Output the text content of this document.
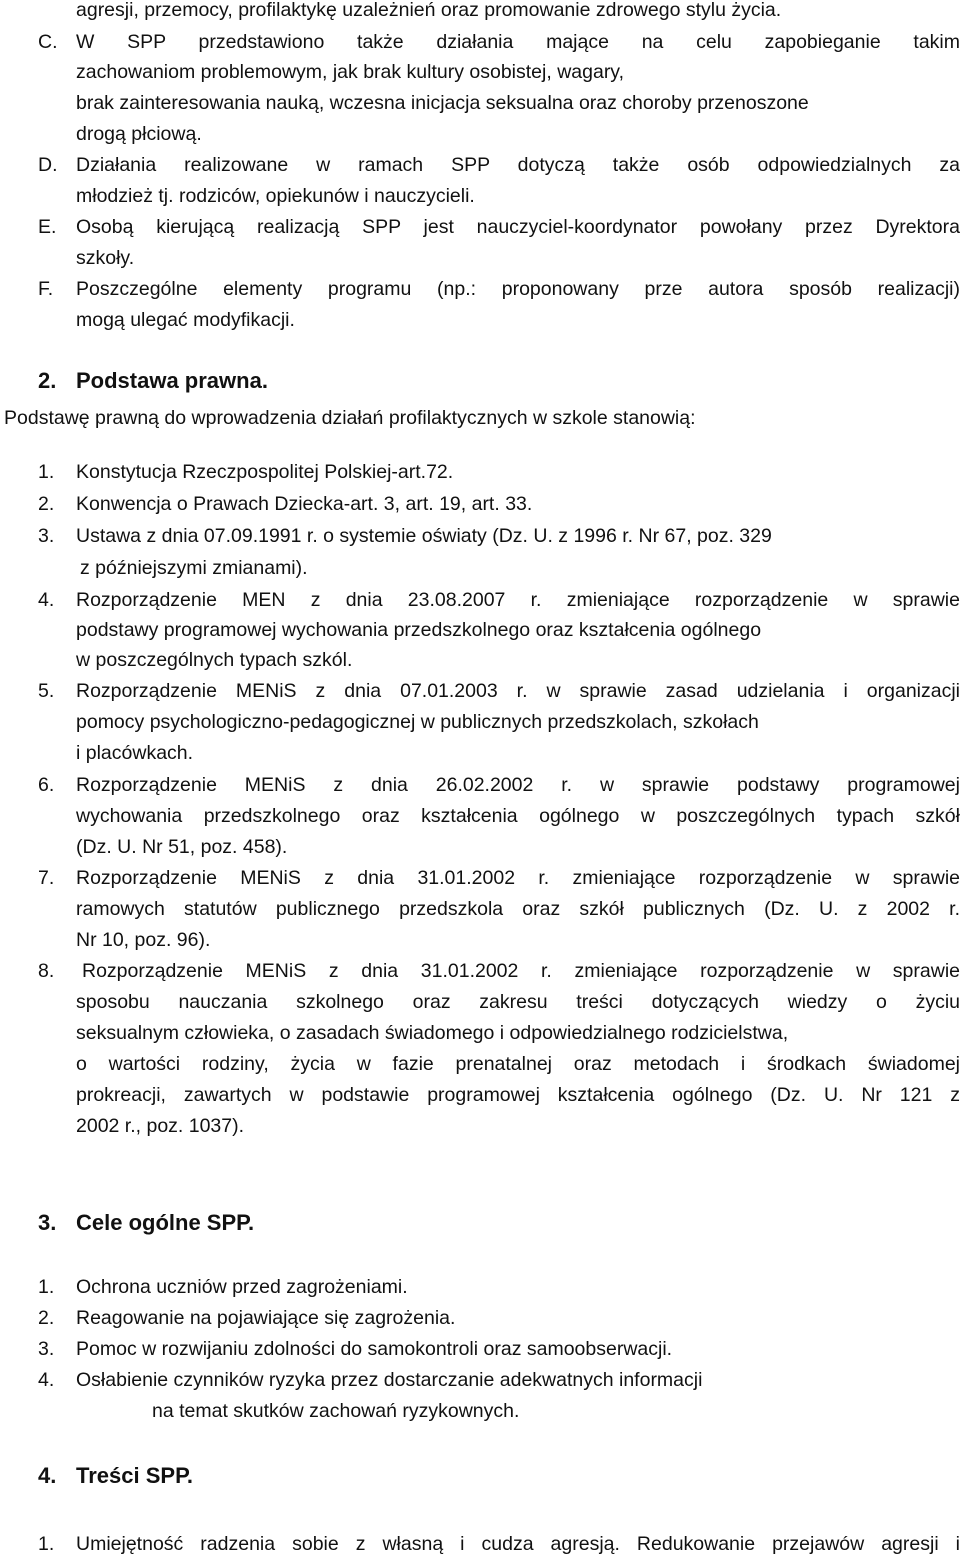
agresji, przemocy, profilaktykę uzależnień oraz promowanie zdrowego stylu życia.
C. W SPP przedstawiono także działania mające na celu zapobieganie takim
zachowaniom problemowym, jak brak kultury osobistej, wagary,
brak zainteresowania nauką, wczesna inicjacja seksualna oraz choroby przenoszone
drogą płciową.
D. Działania realizowane w ramach SPP dotyczą także osób odpowiedzialnych za
młodzież tj. rodziców, opiekunów i nauczycieli.
E. Osobą kierującą realizacją SPP jest nauczyciel-koordynator powołany przez Dyrektora
szkoły.
F. Poszczególne elementy programu (np.: proponowany prze autora sposób realizacji)
mogą ulegać modyfikacji.
2. Podstawa prawna.
Podstawę prawną do wprowadzenia działań profilaktycznych w szkole stanowią:
1. Konstytucja Rzeczpospolitej Polskiej-art.72.
2. Konwencja o Prawach Dziecka-art. 3, art. 19, art. 33.
3. Ustawa z dnia 07.09.1991 r. o systemie oświaty (Dz. U. z 1996 r. Nr 67, poz. 329
z późniejszymi zmianami).
4. Rozporządzenie MEN z dnia 23.08.2007 r. zmieniające rozporządzenie w sprawie
podstawy programowej wychowania przedszkolnego oraz kształcenia ogólnego
w poszczególnych typach szkól.
5. Rozporządzenie MENiS z dnia 07.01.2003 r. w sprawie zasad udzielania i organizacji
pomocy psychologiczno-pedagogicznej w publicznych przedszkolach, szkołach
i placówkach.
6. Rozporządzenie MENiS z dnia 26.02.2002 r. w sprawie podstawy programowej
wychowania przedszkolnego oraz kształcenia ogólnego w poszczególnych typach szkół
(Dz. U. Nr 51, poz. 458).
7. Rozporządzenie MENiS z dnia 31.01.2002 r. zmieniające rozporządzenie w sprawie
ramowych statutów publicznego przedszkola oraz szkół publicznych (Dz. U. z 2002 r.
Nr 10, poz. 96).
8. Rozporządzenie MENiS z dnia 31.01.2002 r. zmieniające rozporządzenie w sprawie
sposobu nauczania szkolnego oraz zakresu treści dotyczących wiedzy o życiu
seksualnym człowieka, o zasadach świadomego i odpowiedzialnego rodzicielstwa,
o wartości rodziny, życia w fazie prenatalnej oraz metodach i środkach świadomej
prokreacji, zawartych w podstawie programowej kształcenia ogólnego (Dz. U. Nr 121 z
2002 r., poz. 1037).
3. Cele ogólne SPP.
1. Ochrona uczniów przed zagrożeniami.
2. Reagowanie na pojawiające się zagrożenia.
3. Pomoc w rozwijaniu zdolności do samokontroli oraz samoobserwacji.
4. Osłabienie czynników ryzyka przez dostarczanie adekwatnych informacji
na temat skutków zachowań ryzykownych.
4. Treści SPP.
1. Umiejętność radzenia sobie z własną i cudza agresją. Redukowanie przejawów agresji i
